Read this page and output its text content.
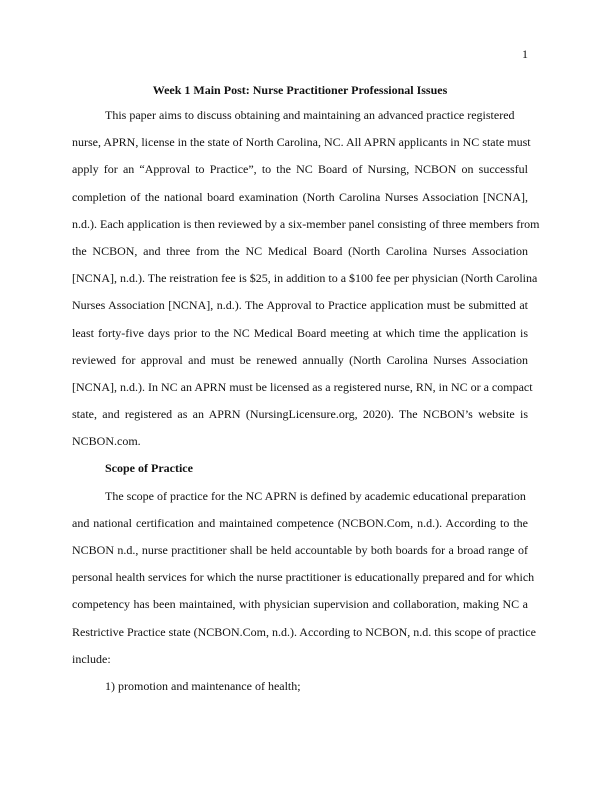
1
Week 1 Main Post: Nurse Practitioner Professional Issues
This paper aims to discuss obtaining and maintaining an advanced practice registered
nurse, APRN, license in the state of North Carolina, NC. All APRN applicants in NC state must
apply for an “Approval to Practice”, to the NC Board of Nursing, NCBON on successful
completion of the national board examination (North Carolina Nurses Association [NCNA],
n.d.). Each application is then reviewed by a six-member panel consisting of three members from
the NCBON, and three from the NC Medical Board (North Carolina Nurses Association
[NCNA], n.d.). The reistration fee is $25, in addition to a $100 fee per physician (North Carolina
Nurses Association [NCNA], n.d.). The Approval to Practice application must be submitted at
least forty-five days prior to the NC Medical Board meeting at which time the application is
reviewed for approval and must be renewed annually (North Carolina Nurses Association
[NCNA], n.d.). In NC an APRN must be licensed as a registered nurse, RN, in NC or a compact
state, and registered as an APRN (NursingLicensure.org, 2020). The NCBON’s website is
NCBON.com.
Scope of Practice
The scope of practice for the NC APRN is defined by academic educational preparation
and national certification and maintained competence (NCBON.Com, n.d.). According to the
NCBON n.d., nurse practitioner shall be held accountable by both boards for a broad range of
personal health services for which the nurse practitioner is educationally prepared and for which
competency has been maintained, with physician supervision and collaboration, making NC a
Restrictive Practice state (NCBON.Com, n.d.). According to NCBON, n.d. this scope of practice
include:
1) promotion and maintenance of health;
